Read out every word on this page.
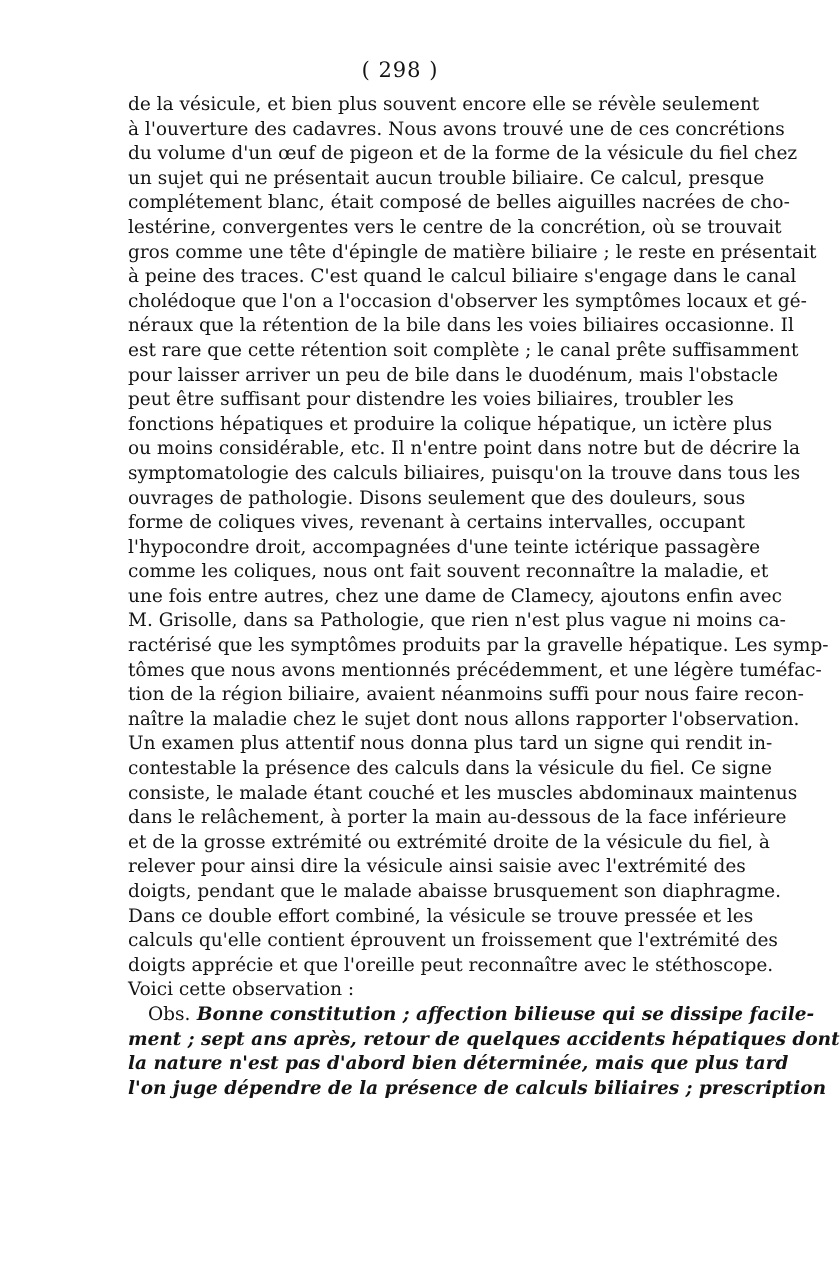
( 298 )
de la vésicule, et bien plus souvent encore elle se révèle seulement
à l'ouverture des cadavres. Nous avons trouvé une de ces concrétions
du volume d'un œuf de pigeon et de la forme de la vésicule du fiel chez
un sujet qui ne présentait aucun trouble biliaire. Ce calcul, presque
complétement blanc, était composé de belles aiguilles nacrées de cho-
lestérine, convergentes vers le centre de la concrétion, où se trouvait
gros comme une tête d'épingle de matière biliaire ; le reste en présentait
à peine des traces. C'est quand le calcul biliaire s'engage dans le canal
cholédoque que l'on a l'occasion d'observer les symptômes locaux et gé-
néraux que la rétention de la bile dans les voies biliaires occasionne. Il
est rare que cette rétention soit complète ; le canal prête suffisamment
pour laisser arriver un peu de bile dans le duodénum, mais l'obstacle
peut être suffisant pour distendre les voies biliaires, troubler les
fonctions hépatiques et produire la colique hépatique, un ictère plus
ou moins considérable, etc. Il n'entre point dans notre but de décrire la
symptomatologie des calculs biliaires, puisqu'on la trouve dans tous les
ouvrages de pathologie. Disons seulement que des douleurs, sous
forme de coliques vives, revenant à certains intervalles, occupant
l'hypocondre droit, accompagnées d'une teinte ictérique passagère
comme les coliques, nous ont fait souvent reconnaître la maladie, et
une fois entre autres, chez une dame de Clamecy, ajoutons enfin avec
M. Grisolle, dans sa Pathologie, que rien n'est plus vague ni moins ca-
ractérisé que les symptômes produits par la gravelle hépatique. Les symp-
tômes que nous avons mentionnés précédemment, et une légère tuméfac-
tion de la région biliaire, avaient néanmoins suffi pour nous faire recon-
naître la maladie chez le sujet dont nous allons rapporter l'observation.
Un examen plus attentif nous donna plus tard un signe qui rendit in-
contestable la présence des calculs dans la vésicule du fiel. Ce signe
consiste, le malade étant couché et les muscles abdominaux maintenus
dans le relâchement, à porter la main au-dessous de la face inférieure
et de la grosse extrémité ou extrémité droite de la vésicule du fiel, à
relever pour ainsi dire la vésicule ainsi saisie avec l'extrémité des
doigts, pendant que le malade abaisse brusquement son diaphragme.
Dans ce double effort combiné, la vésicule se trouve pressée et les
calculs qu'elle contient éprouvent un froissement que l'extrémité des
doigts apprécie et que l'oreille peut reconnaître avec le stéthoscope.
Voici cette observation :
Obs. Bonne constitution ; affection bilieuse qui se dissipe facile-
ment ; sept ans après, retour de quelques accidents hépatiques dont
la nature n'est pas d'abord bien déterminée, mais que plus tard
l'on juge dépendre de la présence de calculs biliaires ; prescription
